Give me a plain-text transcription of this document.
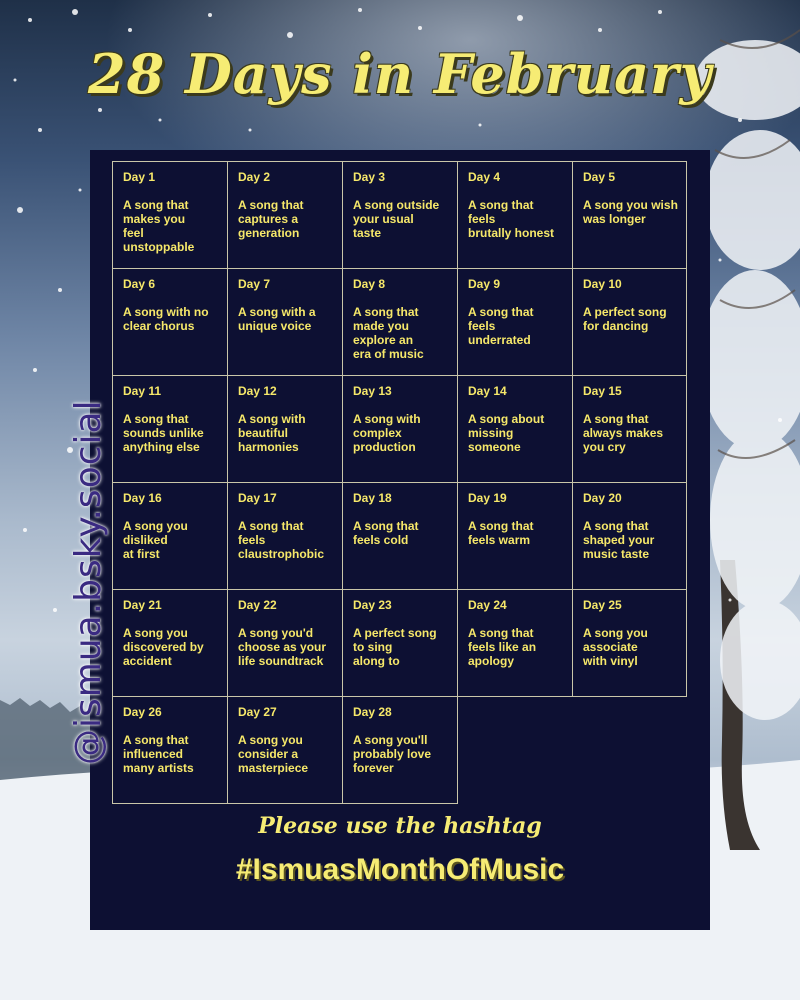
28 Days in February
Day 1
A song that
makes you
feel
unstoppable
Day 2
A song that
captures a
generation
Day 3
A song outside
your usual
taste
Day 4
A song that feels
brutally honest
Day 5
A song you wish
was longer
Day 6
A song with no
clear chorus
Day 7
A song with a
unique voice
Day 8
A song that
made you
explore an
era of music
Day 9
A song that
feels
underrated
Day 10
A perfect song
for dancing
Day 11
A song that
sounds unlike
anything else
Day 12
A song with
beautiful
harmonies
Day 13
A song with
complex
production
Day 14
A song about
missing
someone
Day 15
A song that
always makes
you cry
Day 16
A song you
disliked
at first
Day 17
A song that
feels
claustrophobic
Day 18
A song that
feels cold
Day 19
A song that
feels warm
Day 20
A song that
shaped your
music taste
Day 21
A song you
discovered by
accident
Day 22
A song you'd
choose as your
life soundtrack
Day 23
A perfect song
to sing
along to
Day 24
A song that
feels like an
apology
Day 25
A song you
associate
with vinyl
Day 26
A song that
influenced
many artists
Day 27
A song you
consider a
masterpiece
Day 28
A song you'll
probably love
forever
Please use the hashtag
#IsmuasMonthOfMusic
@ismua.bsky.social
